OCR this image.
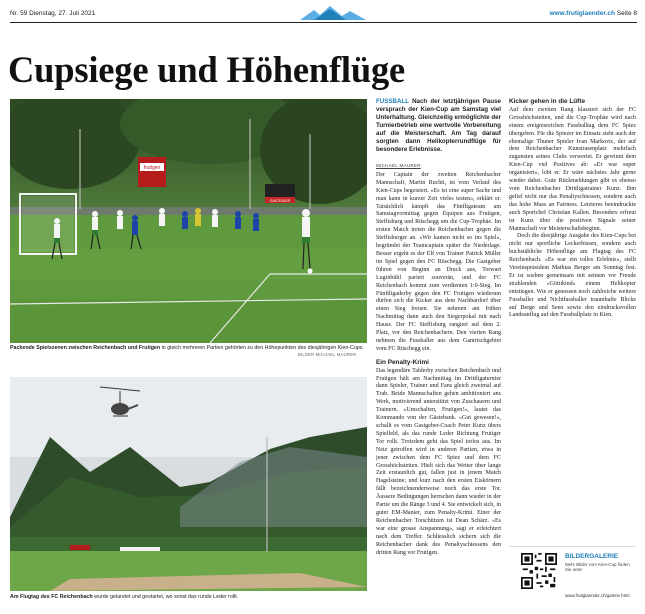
Nr. 59 Dienstag, 27. Juli 2021	www.frutiglaender.ch Seite 8
Cupsiege und Höhenflüge
frutigen
GASTEIGER
Packende Spielszenen zwischen Reichenbach und Frutigen in gleich mehreren Partien gehörten zu den Höhepunkten des diesjährigen Kien-Cups.
BILDER MICHAEL MAURER
Am Flugtag des FC Reichenbach wurde gelandet und gestartet, wo sonst das runde Leder rollt.
FUSSBALL Nach der letztjährigen Pause versprach der Kien-Cup am Samstag viel Unterhaltung. Gleichzeitig ermöglichte der Turnierbetrieb eine wertvolle Vorbereitung auf die Meisterschaft. Am Tag darauf sorgten dann Helikopterrundflüge für besondere Erlebnisse.
MICHAEL MAURER

Der Captain der zweiten Reichenbacher Mannschaft, Martin Ruchti, ist vom Verlauf des Kien-Cups begeistert. «Es ist eine super Sache und man kann in kurzer Zeit vieles testen», erklärt er. Tatsächlich kämpft das Fünfligateam am Samstagvormittag gegen Equipen aus Frutigen, Steffisburg und Rüschegg um die Cup-Trophäe. Im ersten Match treten die Reichenbacher gegen die Steffisburger an. «Wir kamen nicht so ins Spiel», begründet der Teamcaptain später die Niederlage. Besser ergeht es der Elf von Trainer Patrick Müller im Spiel gegen den FC Rüschegg. Die Gastgeber führen von Beginn an Druck aus, Torwart Luginbühl pariert souverän, und der FC Reichenbach kommt zum verdienten 1:0-Sieg. Im Fünftligaderby gegen den FC Frutigen wiederum dürfen sich die Kicker aus dem Nachbardorf über einen Sieg freuen. Sie nehmen am frühen Nachmittag dann auch den Siegerpokal mit nach Hause. Der FC Steffisburg rangiert auf dem 2. Platz, vor den Reichenbachern. Den vierten Rang nehmen die Fussballer aus dem Gantrischgebiet vom FC Rüschegg ein.

Ein Penalty-Krimi

Das legendäre Talderby zwischen Reichenbach und Frutigen hält am Nachmittag im Drittligaturnier dann Spieler, Trainer und Fans gleich zweimal auf Trab. Beide Mannschaften gehen ambitioniert ans Werk, motivierend unterstützt von Zuschauern und Trainern. «Umschalten, Frutigen!», lautet das Kommando von der Gästebank. «Gut gewesen!», schallt es vom Gastgeber-Coach Peter Kunz übers Spielfeld, als das runde Leder Richtung Frutiger Tor rollt. Trotzdem geht das Spiel torlos aus. Im Netz getroffen wird in anderen Partien, etwa in jener zwischen dem FC Spiez und dem FC Grosshöchstetten. Hielt sich das Wetter über lange Zeit erstaunlich gut, fallen just in jenem Match Hagelsteine; und kurz nach den ersten Eiskörnern fällt bezeichnenderweise noch das erste Tor. Äussere Bedingungen herrschen dann wieder in der Partie um die Ränge 3 und 4. Sie entwickelt sich, in guter EM-Manier, zum Penalty-Krimi. Einer der Reichenbacher Torschützen ist Dean Schärz. «Es war eine grosse Anspannung», sagt er erleichtert nach dem Treffer. Schliesslich sichern sich die Reichenbacher dank des Penaltyschiessens den dritten Rang vor Frutigen.

Kicker gehen in die Lüfte

Auf dem zweiten Rang klassiert sich der FC Grosshöchstetten, und die Cup-Trophäe wird nach einem ereignisreichen Fussballtag dem FC Spiez übergeben. Für die Spiezer im Einsatz steht auch der ehemalige Thuner Spieler Ivan Markovic, der auf dem Reichenbacher Kunstrasenplatz mehrfach zugunsten seines Clubs verwertet. Er gewinnt dem Kien-Cup viel Positives ab: «Er war super organisiert», lobt er. Er wäre nächstes Jahr gerne wieder dabei. Gute Rückmeldungen gibt es ebenso vom Reichenbacher Drittligatrainer Kunz. Ihm gefiel nicht nur das Penaltyschiessen, sondern auch das hohe Mass an Fairness. Letzteres beeindruckte auch Sportchef Christian Kallen. Besonders erfreut ist Kunz über die positiven Signale seiner Mannschaft vor Meisterschaftsbeginn.

Doch die diesjährige Ausgabe des Kien-Cups bot nicht nur sportliche Leckerbissen, sondern auch buchstäbliche Höhenflüge am Flugtag des FC Reichenbach. «Es war ein tolles Erlebnis», stellt Vereinspräsident Mathias Berger am Sonntag fest. Er ist soeben gemeinsam mit seinem vor Freude strahlenden «Göttikind» einem Helikopter entstiegen. Wie er genossen noch zahlreiche weitere Fussballer und Nichtfussballer traumhafte Blicke auf Berge und Seen sowie den eindrucksvollen Landeanflug auf den Fussballplatz in Kien.

BILDERGALERIE
Mehr Bilder vom Kien-Cup finden Sie unter
www.frutiglaender.ch/galerie.html
